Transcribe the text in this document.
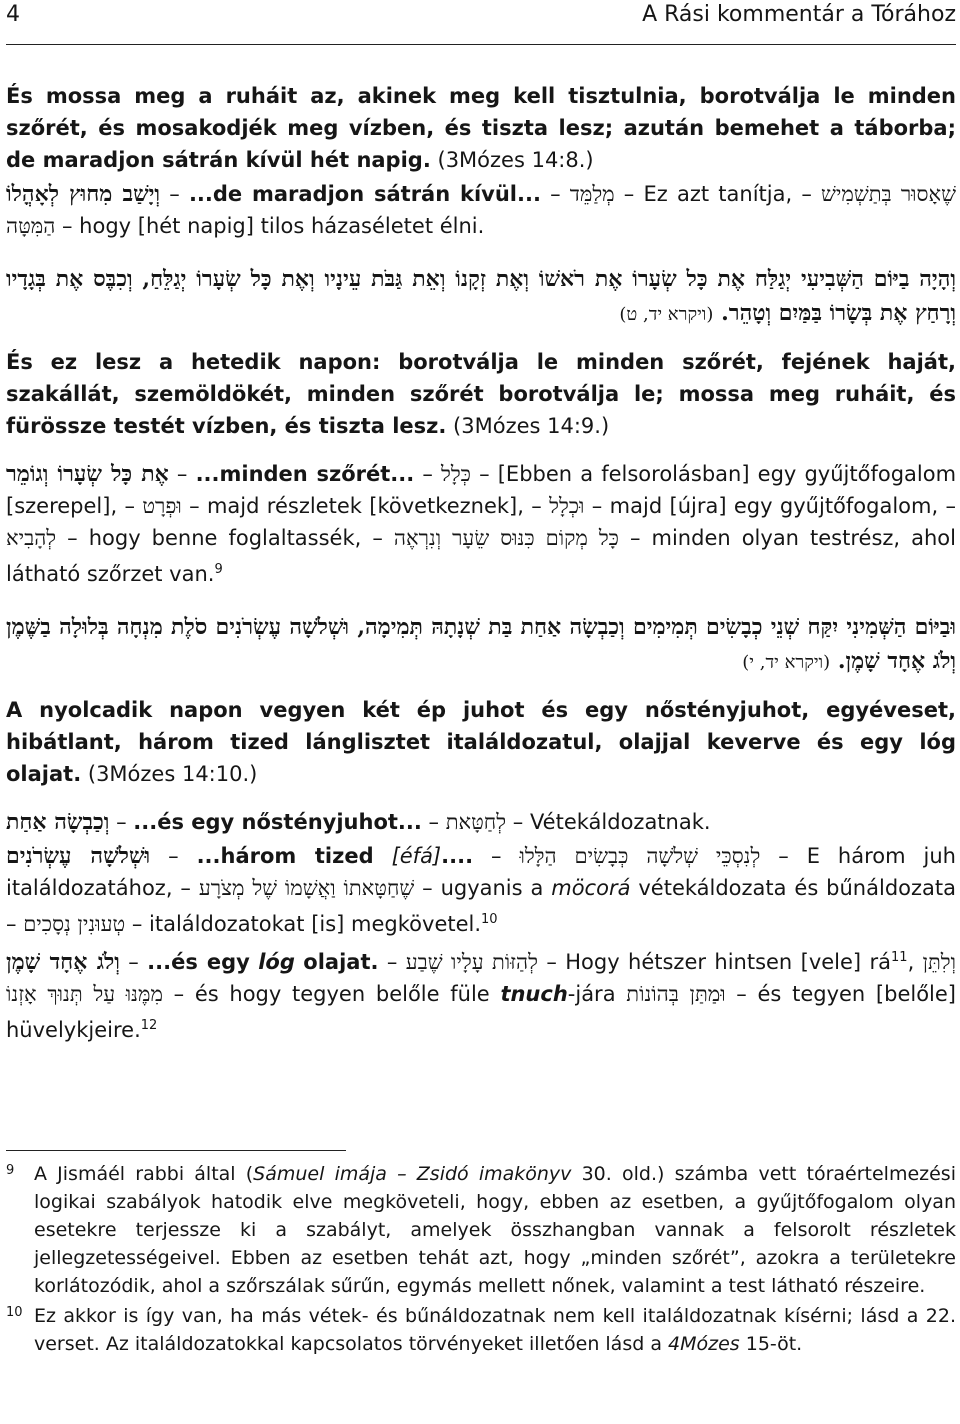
4	A Rási kommentár a Tórához

És mossa meg a ruháit az, akinek meg kell tisztulnia, borotválja le minden szőrét, és mosakodjék meg vízben, és tiszta lesz; azután bemehet a táborba; de maradjon sátrán kívül hét napig. (3Mózes 14:8.)

וְיָשַׁב מִחוּץ לְאָהֳלוֹ – ...de maradjon sátrán kívül... – מְלַמֵּד – Ez azt tanítja, – שֶׁאָסוּר בְּתַשְׁמִישׁ הַמִּטָּה – hogy [hét napig] tilos házaséletet élni.

וְהָיָה בַיּוֹם הַשְּׁבִיעִי יְגַלַּח אֶת כָּל שְׂעָרוֹ אֶת רֹאשׁוֹ וְאֶת זְקָנוֹ וְאֵת גַּבֹּת עֵינָיו וְאֶת כָּל שְׂעָרוֹ יְגַלֵּחַ, וְכִבֶּס אֶת בְּגָדָיו וְרָחַץ אֶת בְּשָׂרוֹ בַּמַּיִם וְטָהֵר. (ויקרא יד, ט)

És ez lesz a hetedik napon: borotválja le minden szőrét, fejének haját, szakállát, szemöldökét, minden szőrét borotválja le; mossa meg ruháit, és fürössze testét vízben, és tiszta lesz. (3Mózes 14:9.)

אֶת כָּל שְׂעָרוֹ וְגוֹמֵר – ...minden szőrét... – כְּלָל – [Ebben a felsorolásban] egy gyűjtőfogalom [szerepel], – וּפְרָט – majd részletek [következnek], – וּכְלָל – majd [újra] egy gyűjtőfogalom, – לְהָבִיא – hogy benne foglaltassék, – כָּל מְקוֹם כִּנּוּס שֵׂעָר וְנִרְאֶה – minden olyan testrész, ahol látható szőrzet van.$^9$

וּבַיּוֹם הַשְּׁמִינִי יִקַּח שְׁנֵי כְבָשִׂים תְּמִימִים וְכַבְשָׂה אַחַת בַּת שְׁנָתָהּ תְּמִימָה, וּשְׁלֹשָׁה עֶשְׂרֹנִים סֹלֶת מִנְחָה בְּלוּלָה בַשֶּׁמֶן וְלֹג אֶחָד שָׁמֶן. (ויקרא יד, י)

A nyolcadik napon vegyen két ép juhot és egy nőstényjuhot, egyéveset, hibátlant, három tized lánglisztet italáldozatul, olajjal keverve és egy lóg olajat. (3Mózes 14:10.)

וְכַבְשָׂה אַחַת – ...és egy nőstényjuhot... – לְחַטָּאת – Vétekáldozatnak.

וּשְׁלֹשָׁה עֶשְׂרֹנִים – ...három tized [éfá].... – לְנִסְכֵּי שְׁלֹשָׁה כְּבָשִׂים הַלָּלוּ – E három juh italáldozatához, – שֶׁחַטָּאתוֹ וַאֲשָׁמוֹ שֶׁל מְצֹרָע – ugyanis a möcorá vétekáldozata és bűnáldozata – טְעוּנִין נְסָכִים – italáldozatokat [is] megkövetel.$^{10}$

וְלֹג אֶחָד שָׁמֶן – ...és egy lóg olajat. – לְהַזּוֹת עָלָיו שֶׁבַע – Hogy hétszer hintsen [vele] $rá^{11}$, וְלִתֵּן מִמֶּנּוּ עַל תְּנוּךְ אָזְנוֹ – és hogy tegyen belőle füle tnuch-jára	וּמַתַּן בְּהוֹנוֹת – és tegyen [belőle] hüvelykjeire.$^{12}$

9	A Jismáél rabbi által (Sámuel imája – Zsidó imakönyv 30. old.) számba vett tóraértelmezési logikai szabályok hatodik elve megköveteli, hogy, ebben az esetben, a gyűjtőfogalom olyan esetekre terjessze ki a szabályt, amelyek összhangban vannak a felsorolt részletek jellegzetességeivel. Ebben az esetben tehát azt, hogy „minden szőrét”, azokra a területekre korlátozódik, ahol a szőrszálak sűrűn, egymás mellett nőnek, valamint a test látható részeire.
10 Ez akkor is így van, ha más vétek- és bűnáldozatnak nem kell italáldozatnak kísérni; lásd a 22. verset. Az italáldozatokkal kapcsolatos törvényeket illetően lásd a 4Mózes 15-öt.
